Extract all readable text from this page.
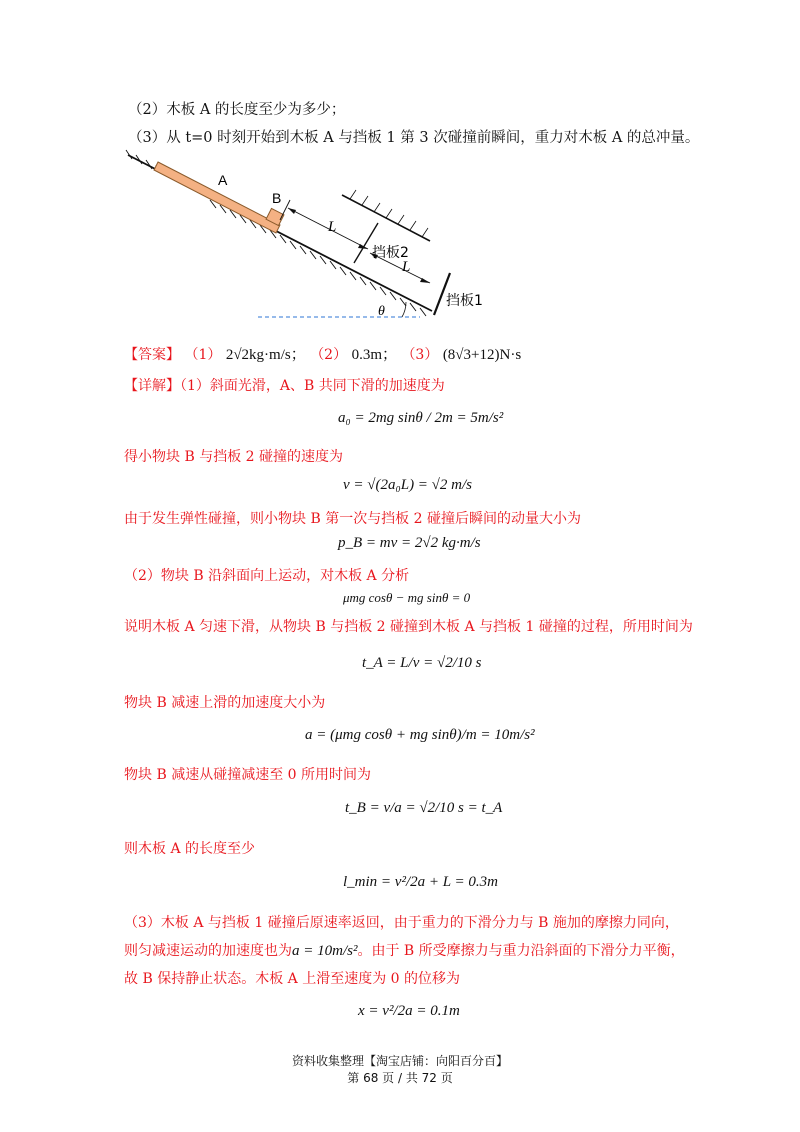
（2）木板 A 的长度至少为多少；
（3）从 t=0 时刻开始到木板 A 与挡板 1 第 3 次碰撞前瞬间，重力对木板 A 的总冲量。
A
B
L
L
挡板2
挡板1
θ
【答案】 （1） 2√2kg·m/s； （2） 0.3m； （3） (8√3+12)N·s
【详解】（1）斜面光滑，A、B 共同下滑的加速度为
a₀ = 2mg sinθ / 2m = 5m/s²
得小物块 B 与挡板 2 碰撞的速度为
v = √(2a₀L) = √2 m/s
由于发生弹性碰撞，则小物块 B 第一次与挡板 2 碰撞后瞬间的动量大小为
p_B = mv = 2√2 kg·m/s
（2）物块 B 沿斜面向上运动，对木板 A 分析
μmg cosθ − mg sinθ = 0
说明木板 A 匀速下滑，从物块 B 与挡板 2 碰撞到木板 A 与挡板 1 碰撞的过程，所用时间为
t_A = L/v = √2/10 s
物块 B 减速上滑的加速度大小为
a = (μmg cosθ + mg sinθ)/m = 10m/s²
物块 B 减速从碰撞减速至 0 所用时间为
t_B = v/a = √2/10 s = t_A
则木板 A 的长度至少
l_min = v²/2a + L = 0.3m
（3）木板 A 与挡板 1 碰撞后原速率返回，由于重力的下滑分力与 B 施加的摩擦力同向，
则匀减速运动的加速度也为a = 10m/s²。由于 B 所受摩擦力与重力沿斜面的下滑分力平衡，
故 B 保持静止状态。木板 A 上滑至速度为 0 的位移为
x = v²/2a = 0.1m
资料收集整理【淘宝店铺：向阳百分百】
第 68 页 / 共 72 页
